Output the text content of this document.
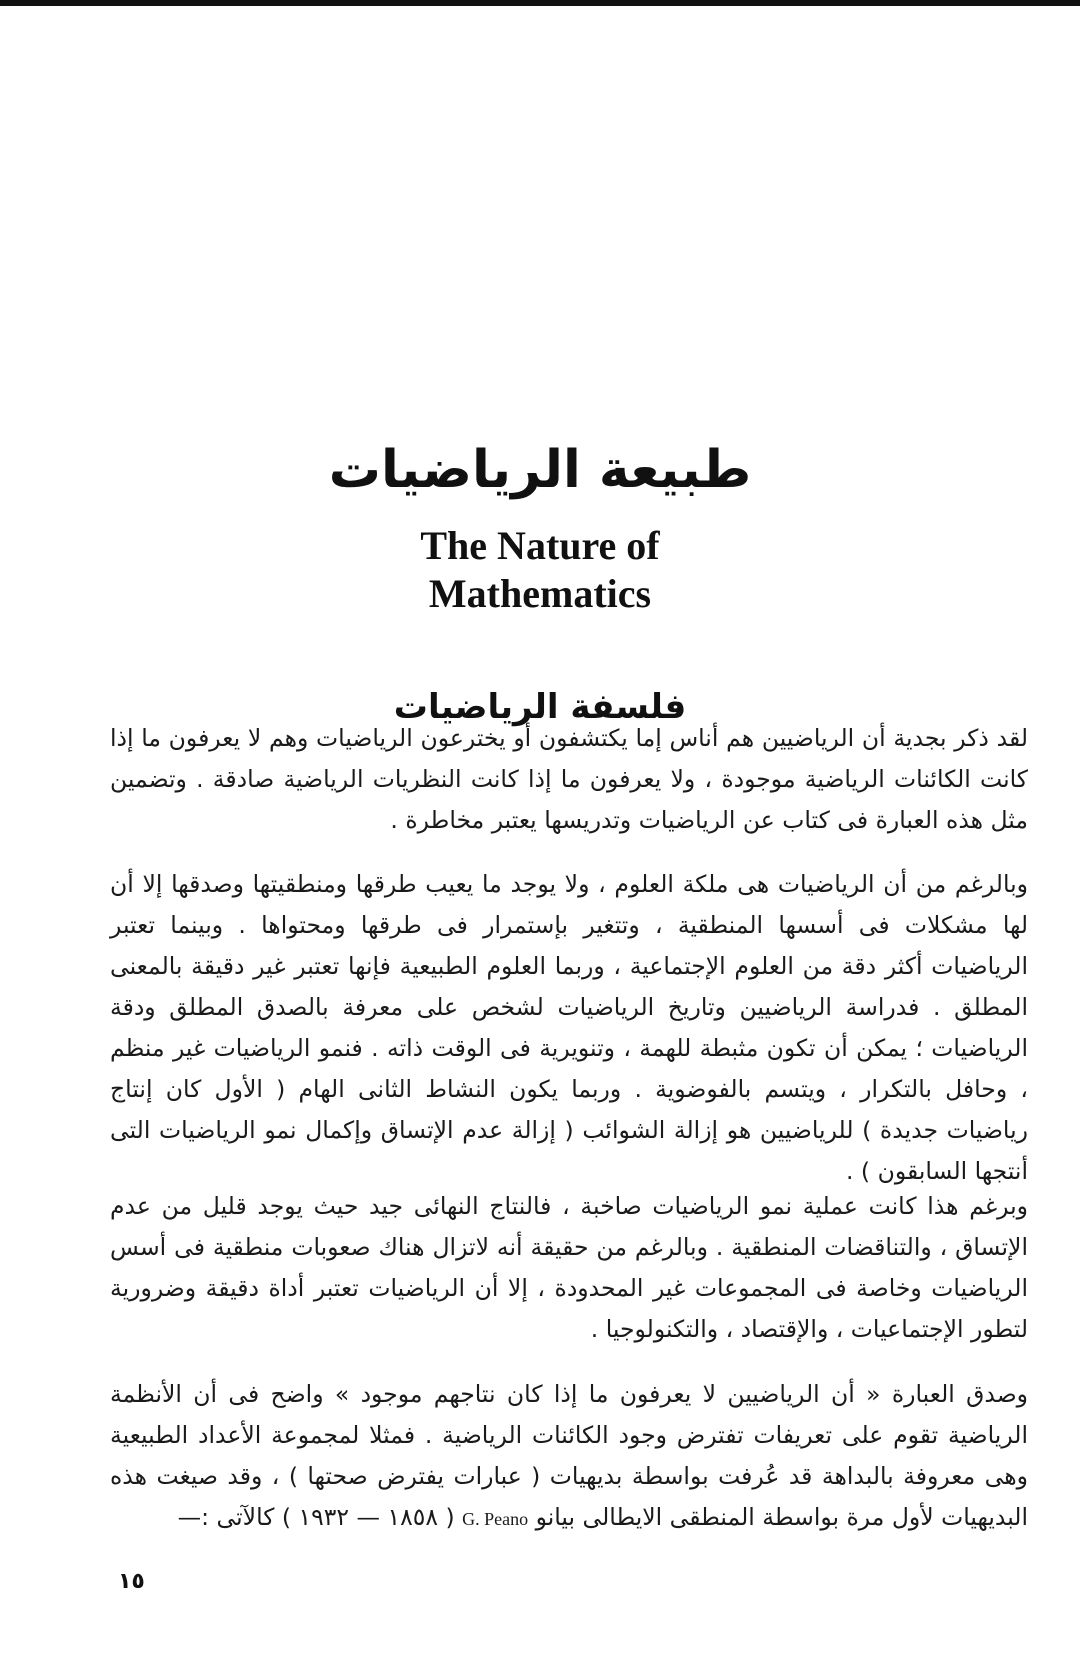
طبيعة الرياضيات
The Nature of
Mathematics
فلسفة الرياضيات

لقد ذكر بجدية أن الرياضيين هم أناس إما يكتشفون أو يخترعون الرياضيات وهم لا يعرفون ما إذا كانت الكائنات الرياضية موجودة ، ولا يعرفون ما إذا كانت النظريات الرياضية صادقة . وتضمين مثل هذه العبارة فى كتاب عن الرياضيات وتدريسها يعتبر مخاطرة .

وبالرغم من أن الرياضيات هى ملكة العلوم ، ولا يوجد ما يعيب طرقها ومنطقيتها وصدقها إلا أن لها مشكلات فى أسسها المنطقية ، وتتغير بإستمرار فى طرقها ومحتواها . وبينما تعتبر الرياضيات أكثر دقة من العلوم الإجتماعية ، وربما العلوم الطبيعية فإنها تعتبر غير دقيقة بالمعنى المطلق . فدراسة الرياضيين وتاريخ الرياضيات لشخص على معرفة بالصدق المطلق ودقة الرياضيات ؛ يمكن أن تكون مثبطة للهمة ، وتنويرية فى الوقت ذاته . فنمو الرياضيات غير منظم ، وحافل بالتكرار ، ويتسم بالفوضوية . وربما يكون النشاط الثانى الهام ( الأول كان إنتاج رياضيات جديدة ) للرياضيين هو إزالة الشوائب ( إزالة عدم الإتساق وإكمال نمو الرياضيات التى أنتجها السابقون ) .

وبرغم هذا كانت عملية نمو الرياضيات صاخبة ، فالنتاج النهائى جيد حيث يوجد قليل من عدم الإتساق ، والتناقضات المنطقية . وبالرغم من حقيقة أنه لاتزال هناك صعوبات منطقية فى أسس الرياضيات وخاصة فى المجموعات غير المحدودة ، إلا أن الرياضيات تعتبر أداة دقيقة وضرورية لتطور الإجتماعيات ، والإقتصاد ، والتكنولوجيا .

وصدق العبارة « أن الرياضيين لا يعرفون ما إذا كان نتاجهم موجود » واضح فى أن الأنظمة الرياضية تقوم على تعريفات تفترض وجود الكائنات الرياضية . فمثلا لمجموعة الأعداد الطبيعية وهى معروفة بالبداهة قد عُرفت بواسطة بديهيات ( عبارات يفترض صحتها ) ، وقد صيغت هذه البديهيات لأول مرة بواسطة المنطقى الايطالى بيانو G. Peano ( ١٨٥٨ — ١٩٣٢ ) كالآتى :—

١٥
